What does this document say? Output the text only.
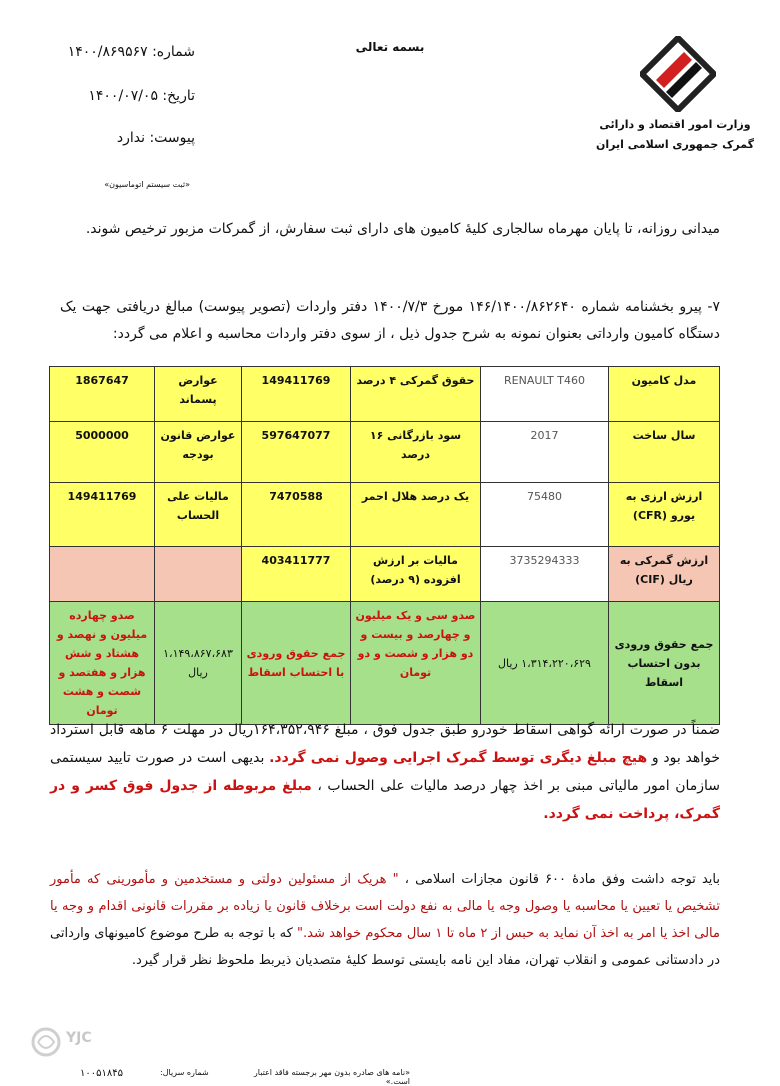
بسمه تعالی
شماره: ۱۴۰۰/۸۶۹۵۶۷
تاریخ: ۱۴۰۰/۰۷/۰۵
پیوست: ندارد
«ثبت سیستم اتوماسیون»
وزارت امور اقتصاد و دارائی
گمرک جمهوری اسلامی ایران
میدانی روزانه، تا پایان مهرماه سالجاری کلیهٔ کامیون های دارای ثبت سفارش، از گمرکات مزبور ترخیص شوند.
۷- پیرو بخشنامه شماره ۱۴۶/۱۴۰۰/۸۶۲۶۴۰ مورخ ۱۴۰۰/۷/۳ دفتر واردات (تصویر پیوست) مبالغ دریافتی جهت یک دستگاه کامیون وارداتی بعنوان نمونه به شرح جدول ذیل ، از سوی دفتر واردات محاسبه و اعلام می گردد:
مدل کامیون	RENAULT T460	حقوق گمرکی ۴ درصد	149411769	عوارض پسماند	1867647
سال ساخت	2017	سود بازرگانی ۱۶ درصد	597647077	عوارض قانون بودجه	5000000
ارزش ارزی به یورو (CFR)	75480	یک درصد هلال احمر	7470588	مالیات علی الحساب	149411769
ارزش گمرکی به ریال (CIF)	3735294333	مالیات بر ارزش افزوده (۹ درصد)	403411777		
جمع حقوق ورودی بدون احتساب اسقاط	۱،۳۱۴،۲۲۰،۶۲۹ ریال	صدو سی و یک میلیون و چهارصد و بیست و دو هزار و شصت و دو تومان	جمع حقوق ورودی با احتساب اسقاط	۱،۱۴۹،۸۶۷،۶۸۳ ریال	صدو چهارده میلیون و نهصد و هشتاد و شش هزار و هفتصد و شصت و هشت تومان
ضمناً در صورت ارائه گواهی اسقاط خودرو طبق جدول فوق ، مبلغ ۱۶۴،۳۵۲،۹۴۶ریال در مهلت ۶ ماهه قابل استرداد خواهد بود و هیچ مبلغ دیگری توسط گمرک اجرایی وصول نمی گردد. بدیهی است در صورت تایید سیستمی سازمان امور مالیاتی مبنی بر اخذ چهار درصد مالیات علی الحساب ، مبلغ مربوطه از جدول فوق کسر و در گمرک، پرداخت نمی گردد.
باید توجه داشت وفق مادهٔ ۶۰۰ قانون مجازات اسلامی ، " هریک از مسئولین دولتی و مستخدمین و مأمورینی که مأمور تشخیص یا تعیین یا محاسبه یا وصول وجه یا مالی به نفع دولت است برخلاف قانون یا زیاده بر مقررات قانونی اقدام و وجه یا مالی اخذ یا امر به اخذ آن نماید به حبس از ۲ ماه تا ۱ سال محکوم خواهد شد." که با توجه به طرح موضوع کامیونهای وارداتی در دادستانی عمومی و انقلاب تهران، مفاد این نامه بایستی توسط کلیهٔ متصدیان ذیربط ملحوظ نظر قرار گیرد.
YJC
۱۰۰۵۱۸۴۵	شماره سریال:	«نامه های صادره بدون مهر برجسته فاقد اعتبار است.»
